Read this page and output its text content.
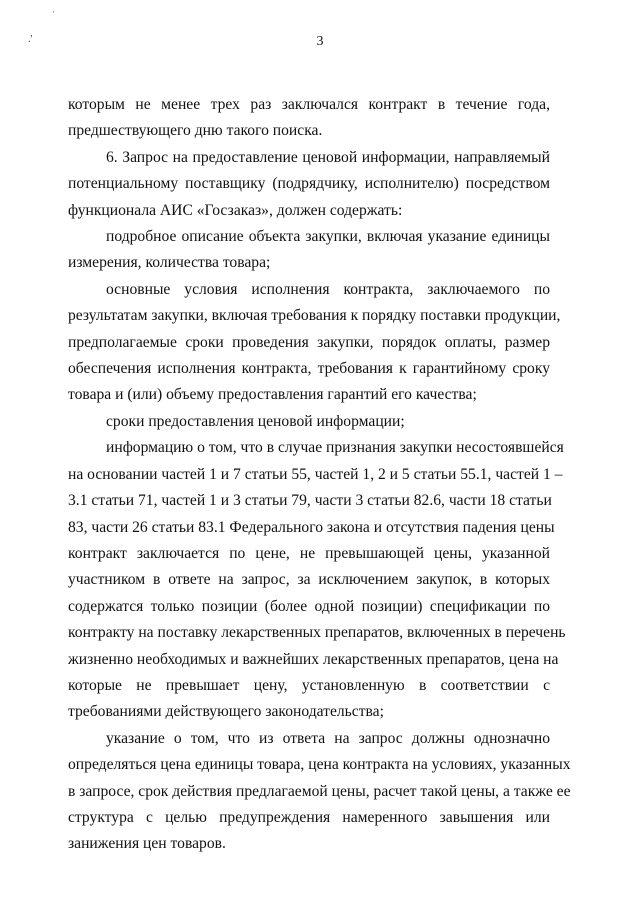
ˈ
.'	3

которым не менее трех раз заключался контракт в течение года,
предшествующего дню такого поиска.

6. Запрос на предоставление ценовой информации, направляемый
потенциальному поставщику (подрядчику, исполнителю) посредством
функционала АИС «Госзаказ», должен содержать:

подробное описание объекта закупки, включая указание единицы
измерения, количества товара;

основные условия исполнения контракта, заключаемого по
результатам закупки, включая требования к порядку поставки продукции,
предполагаемые сроки проведения закупки, порядок оплаты, размер
обеспечения исполнения контракта, требования к гарантийному сроку
товара и (или) объему предоставления гарантий его качества;

сроки предоставления ценовой информации;

информацию о том, что в случае признания закупки несостоявшейся
на основании частей 1 и 7 статьи 55, частей 1, 2 и 5 статьи 55.1, частей 1 –
3.1 статьи 71, частей 1 и 3 статьи 79, части 3 статьи 82.6, части 18 статьи
83, части 26 статьи 83.1 Федерального закона и отсутствия падения цены
контракт заключается по цене, не превышающей цены, указанной
участником в ответе на запрос, за исключением закупок, в которых
содержатся только позиции (более одной позиции) спецификации по
контракту на поставку лекарственных препаратов, включенных в перечень
жизненно необходимых и важнейших лекарственных препаратов, цена на
которые не превышает цену, установленную в соответствии с
требованиями действующего законодательства;

указание о том, что из ответа на запрос должны однозначно
определяться цена единицы товара, цена контракта на условиях, указанных
в запросе, срок действия предлагаемой цены, расчет такой цены, а также ее
структура с целью предупреждения намеренного завышения или
занижения цен товаров.
